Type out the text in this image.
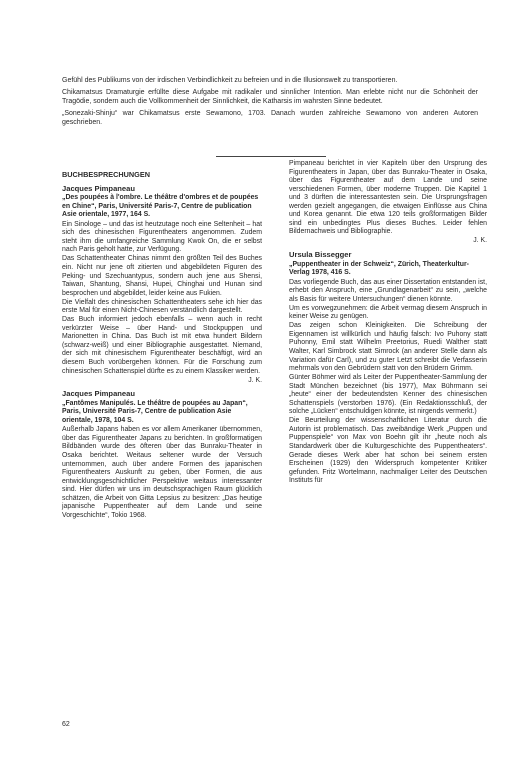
Gefühl des Publikums von der irdischen Verbindlichkeit zu befreien und in die Illusionswelt zu transportieren.

Chikamatsus Dramaturgie erfüllte diese Aufgabe mit radikaler und sinnlicher Intention. Man erlebte nicht nur die Schönheit der Tragödie, sondern auch die Vollkommenheit der Sinnlichkeit, die Katharsis im wahrsten Sinne bedeutet.

„Sonezaki-Shinju“ war Chikamatsus erste Sewamono, 1703. Danach wurden zahlreiche Sewamono von anderen Autoren geschrieben.

BUCHBESPRECHUNGEN
Jacques Pimpaneau
„Des poupées à l'ombre. Le théâtre d'ombres et de poupées en Chine“, Paris, Université Paris-7, Centre de publication Asie orientale, 1977, 164 S.

Ein Sinologe – und das ist heutzutage noch eine Seltenheit – hat sich des chinesischen Figurentheaters angenommen. Zudem steht ihm die umfangreiche Sammlung Kwok On, die er selbst nach Paris geholt hatte, zur Verfügung.

Das Schattentheater Chinas nimmt den größten Teil des Buches ein. Nicht nur jene oft zitierten und abgebildeten Figuren des Peking- und Szechuantypus, sondern auch jene aus Shensi, Taiwan, Shantung, Shansi, Hupei, Chinghai und Hunan sind besprochen und abgebildet, leider keine aus Fukien.

Die Vielfalt des chinesischen Schattentheaters sehe ich hier das erste Mal für einen Nicht-Chinesen verständlich dargestellt.

Das Buch informiert jedoch ebenfalls – wenn auch in recht verkürzter Weise – über Hand- und Stockpuppen und Marionetten in China. Das Buch ist mit etwa hundert Bildern (schwarz-weiß) und einer Bibliographie ausgestattet. Niemand, der sich mit chinesischem Figurentheater beschäftigt, wird an diesem Buch vorübergehen können. Für die Forschung zum chinesischen Schattenspiel dürfte es zu einem Klassiker werden.

J. K.

Jacques Pimpaneau
„Fantômes Manipulés. Le théâtre de poupées au Japan“, Paris, Université Paris-7, Centre de publication Asie orientale, 1978, 104 S.

Außerhalb Japans haben es vor allem Amerikaner übernommen, über das Figurentheater Japans zu berichten. In großformatigen Bildbänden wurde des öfteren über das Bunraku-Theater in Osaka berichtet. Weitaus seltener wurde der Versuch unternommen, auch über andere Formen des japanischen Figurentheaters Auskunft zu geben, über Formen, die aus entwicklungsgeschichtlicher Perspektive weitaus interessanter sind. Hier dürfen wir uns im deutschsprachigen Raum glücklich schätzen, die Arbeit von Gitta Lepsius zu besitzen: „Das heutige japanische Puppentheater auf dem Lande und seine Vorgeschichte“, Tokio 1968.

Pimpaneau berichtet in vier Kapiteln über den Ursprung des Figurentheaters in Japan, über das Bunraku-Theater in Osaka, über das Figurentheater auf dem Lande und seine verschiedenen Formen, über moderne Truppen. Die Kapitel 1 und 3 dürften die interessantesten sein. Die Ursprungsfragen werden gezielt angegangen, die etwaigen Einflüsse aus China und Korea genannt. Die etwa 120 teils großformatigen Bilder sind ein unbedingtes Plus dieses Buches. Leider fehlen Bildernachweis und Bibliographie.

J. K.

Ursula Bissegger
„Puppentheater in der Schweiz“, Zürich, Theaterkultur-Verlag 1978, 416 S.

Das vorliegende Buch, das aus einer Dissertation entstanden ist, erhebt den Anspruch, eine „Grundlagenarbeit“ zu sein, „welche als Basis für weitere Untersuchungen“ dienen könnte.

Um es vorwegzunehmen: die Arbeit vermag diesem Anspruch in keiner Weise zu genügen.

Das zeigen schon Kleinigkeiten. Die Schreibung der Eigennamen ist willkürlich und häufig falsch: Ivo Puhony statt Puhonny, Emil statt Wilhelm Preetorius, Ruedi Walther statt Walter, Karl Simbrock statt Simrock (an anderer Stelle dann als Variation dafür Carl), und zu guter Letzt schreibt die Verfasserin mehrmals von den Gebrüdern statt von den Brüdern Grimm.

Günter Böhmer wird als Leiter der Puppentheater-Sammlung der Stadt München bezeichnet (bis 1977), Max Bührmann sei „heute“ einer der bedeutendsten Kenner des chinesischen Schattenspiels (verstorben 1976). (Ein Redaktionsschluß, der solche „Lücken“ entschuldigen könnte, ist nirgends vermerkt.)

Die Beurteilung der wissenschaftlichen Literatur durch die Autorin ist problematisch. Das zweibändige Werk „Puppen und Puppenspiele“ von Max von Boehn gilt ihr „heute noch als Standardwerk über die Kulturgeschichte des Puppentheaters“. Gerade dieses Werk aber hat schon bei seinem ersten Erscheinen (1929) den Widerspruch kompetenter Kritiker gefunden. Fritz Wortelmann, nachmaliger Leiter des Deutschen Instituts für

62
